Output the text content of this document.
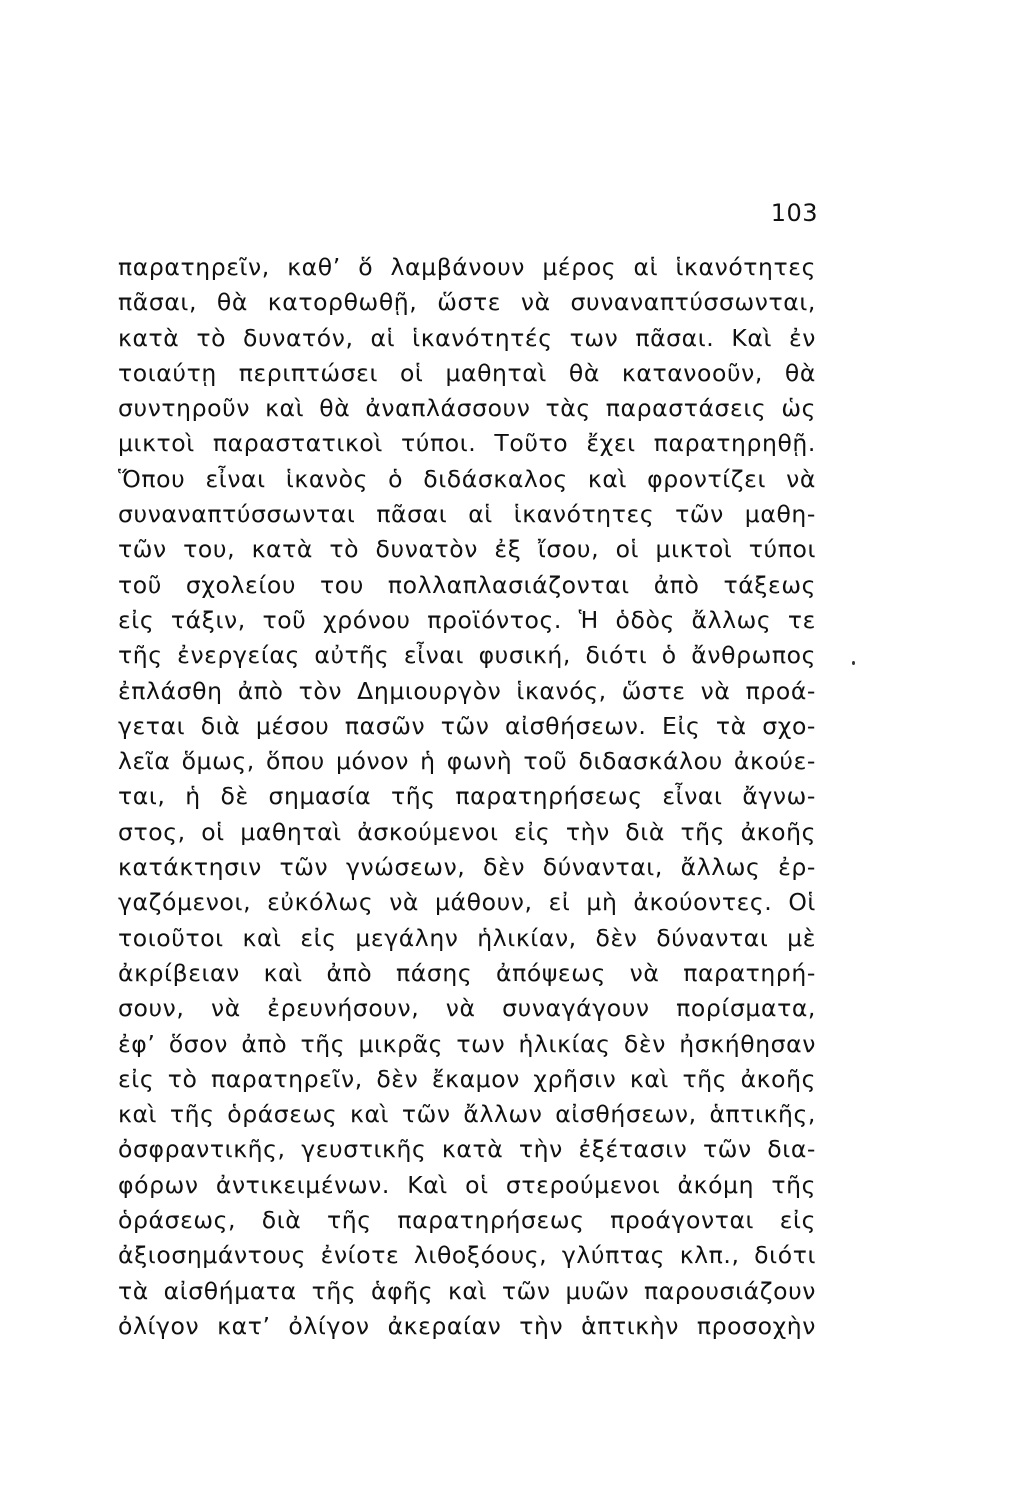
103
παρατηρεῖν, καθ’ ὅ λαμβάνουν μέρος αἱ ἱκανότητες
πᾶσαι, θὰ κατορθωθῇ, ὥστε νὰ συναναπτύσσωνται,
κατὰ τὸ δυνατόν, αἱ ἱκανότητές των πᾶσαι. Καὶ ἐν
τοιαύτῃ περιπτώσει οἱ μαθηταὶ θὰ κατανοοῦν, θὰ
συντηροῦν καὶ θὰ ἀναπλάσσουν τὰς παραστάσεις ὡς
μικτοὶ παραστατικοὶ τύποι. Τοῦτο ἔχει παρατηρηθῇ.
Ὅπου εἶναι ἱκανὸς ὁ διδάσκαλος καὶ φροντίζει νὰ
συναναπτύσσωνται πᾶσαι αἱ ἱκανότητες τῶν μαθη-
τῶν του, κατὰ τὸ δυνατὸν ἐξ ἴσου, οἱ μικτοὶ τύποι
τοῦ σχολείου του πολλαπλασιάζονται ἀπὸ τάξεως
εἰς τάξιν, τοῦ χρόνου προϊόντος. Ἡ ὁδὸς ἄλλως τε
τῆς ἐνεργείας αὐτῆς εἶναι φυσική, διότι ὁ ἄνθρωπος
ἐπλάσθη ἀπὸ τὸν Δημιουργὸν ἱκανός, ὥστε νὰ προά-
γεται διὰ μέσου πασῶν τῶν αἰσθήσεων. Εἰς τὰ σχο-
λεῖα ὅμως, ὅπου μόνον ἡ φωνὴ τοῦ διδασκάλου ἀκούε-
ται, ἡ δὲ σημασία τῆς παρατηρήσεως εἶναι ἄγνω-
στος, οἱ μαθηταὶ ἀσκούμενοι εἰς τὴν διὰ τῆς ἀκοῆς
κατάκτησιν τῶν γνώσεων, δὲν δύνανται, ἄλλως ἐρ-
γαζόμενοι, εὐκόλως νὰ μάθουν, εἰ μὴ ἀκούοντες. Οἱ
τοιοῦτοι καὶ εἰς μεγάλην ἡλικίαν, δὲν δύνανται μὲ
ἀκρίβειαν καὶ ἀπὸ πάσης ἀπόψεως νὰ παρατηρή-
σουν, νὰ ἐρευνήσουν, νὰ συναγάγουν πορίσματα,
ἐφ’ ὅσον ἀπὸ τῆς μικρᾶς των ἡλικίας δὲν ἠσκήθησαν
εἰς τὸ παρατηρεῖν, δὲν ἔκαμον χρῆσιν καὶ τῆς ἀκοῆς
καὶ τῆς ὁράσεως καὶ τῶν ἄλλων αἰσθήσεων, ἁπτικῆς,
ὀσφραντικῆς, γευστικῆς κατὰ τὴν ἐξέτασιν τῶν δια-
φόρων ἀντικειμένων. Καὶ οἱ στερούμενοι ἀκόμη τῆς
ὁράσεως, διὰ τῆς παρατηρήσεως προάγονται εἰς
ἀξιοσημάντους ἐνίοτε λιθοξόους, γλύπτας κλπ., διότι
τὰ αἰσθήματα τῆς ἁφῆς καὶ τῶν μυῶν παρουσιάζουν
ὀλίγον κατ’ ὀλίγον ἀκεραίαν τὴν ἁπτικὴν προσοχὴν
